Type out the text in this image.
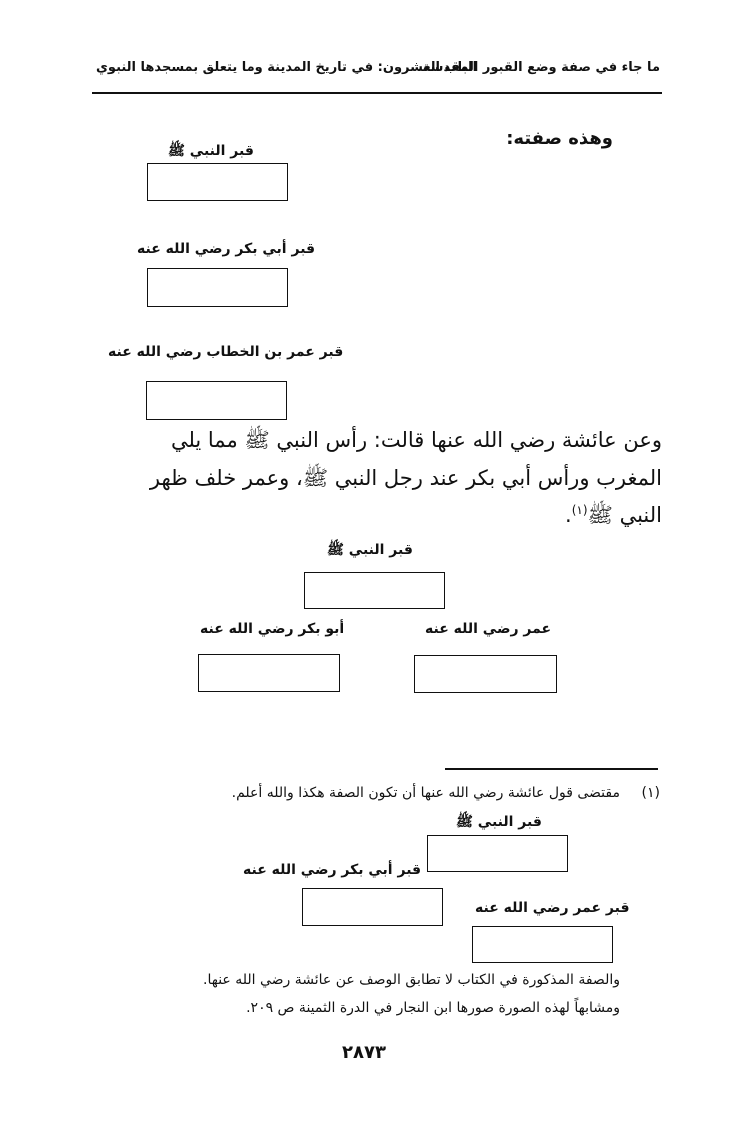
ما جاء في صفة وضع القبور المقدسة
الباب العشرون: في تاريخ المدينة وما يتعلق بمسجدها النبوي
وهذه صفته:
قبر النبي ﷺ
قبر أبي بكر رضي الله عنه
قبر عمر بن الخطاب رضي الله عنه
وعن عائشة رضي الله عنها قالت: رأس النبي ﷺ مما يلي
المغرب ورأس أبي بكر عند رجل النبي ﷺ، وعمر خلف ظهر
النبي ﷺ$^{(١)}$.
قبر النبي ﷺ
عمر رضي الله عنه
أبو بكر رضي الله عنه
(١)
مقتضى قول عائشة رضي الله عنها أن تكون الصفة هكذا والله أعلم.
قبر النبي ﷺ
قبر أبي بكر رضي الله عنه
قبر عمر رضي الله عنه
والصفة المذكورة في الكتاب لا تطابق الوصف عن عائشة رضي الله عنها.
ومشابهاً لهذه الصورة صورها ابن النجار في الدرة الثمينة ص ٢٠٩.
٢٨٧٣
